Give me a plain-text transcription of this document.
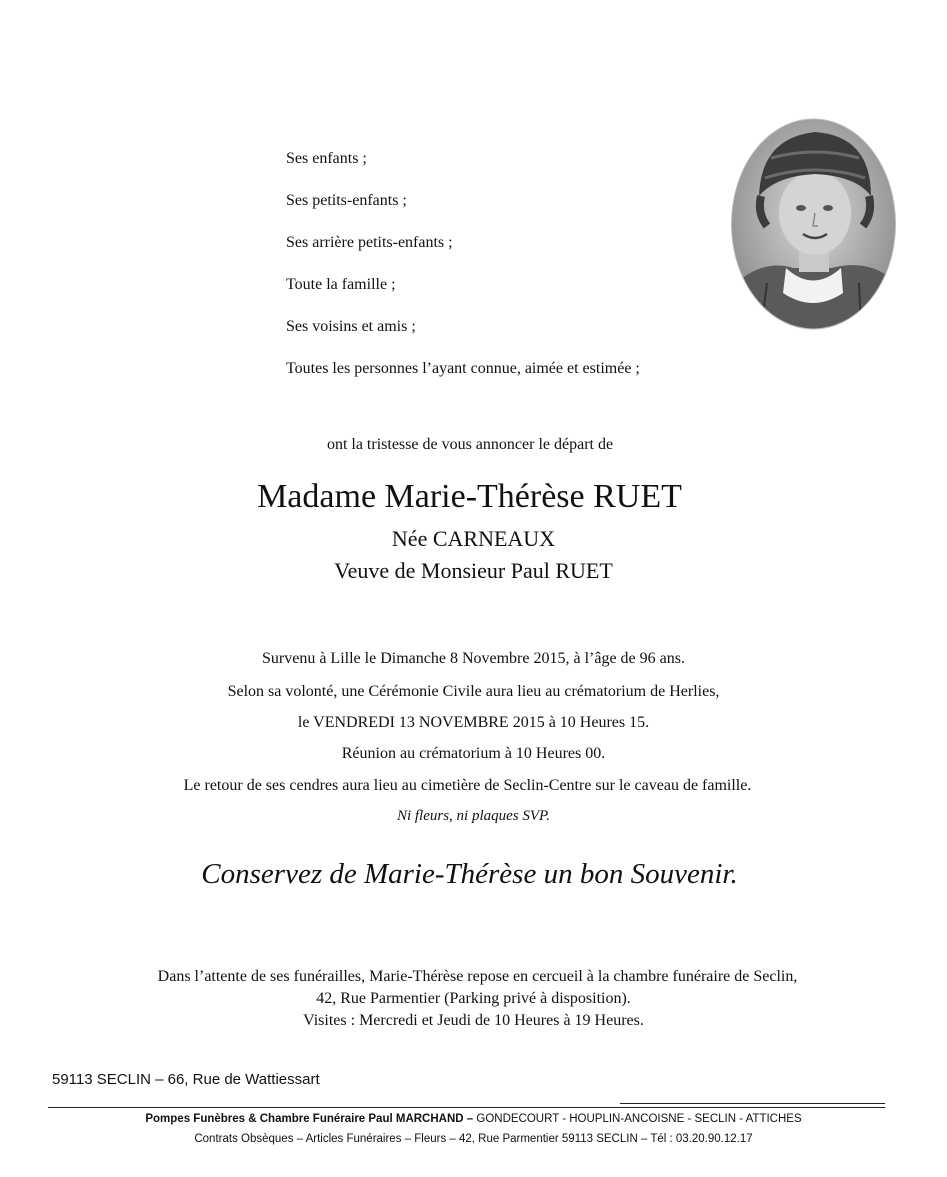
Ses enfants ;
Ses petits-enfants ;
Ses arrière petits-enfants ;
Toute la famille ;
Ses voisins et amis ;
Toutes les personnes l’ayant connue, aimée et estimée ;
ont la tristesse de vous annoncer le départ de
Madame Marie-Thérèse RUET
Née CARNEAUX
Veuve de Monsieur Paul RUET
Survenu à Lille le Dimanche 8 Novembre 2015, à l’âge de 96 ans.
Selon sa volonté, une Cérémonie Civile aura lieu au crématorium de Herlies,
le VENDREDI 13 NOVEMBRE 2015 à 10 Heures 15.
Réunion au crématorium à 10 Heures 00.
Le retour de ses cendres aura lieu au cimetière de Seclin-Centre sur le caveau de famille.
Ni fleurs, ni plaques SVP.
Conservez de Marie-Thérèse un bon Souvenir.
Dans l’attente de ses funérailles, Marie-Thérèse repose en cercueil à la chambre funéraire de Seclin,
42, Rue Parmentier (Parking privé à disposition).
Visites : Mercredi et Jeudi de 10 Heures à 19 Heures.
59113 SECLIN – 66, Rue de Wattiessart
Pompes Funèbres & Chambre Funéraire Paul MARCHAND – GONDECOURT - HOUPLIN-ANCOISNE - SECLIN - ATTICHES
Contrats Obsèques – Articles Funéraires – Fleurs – 42, Rue Parmentier 59113 SECLIN – Tél : 03.20.90.12.17
